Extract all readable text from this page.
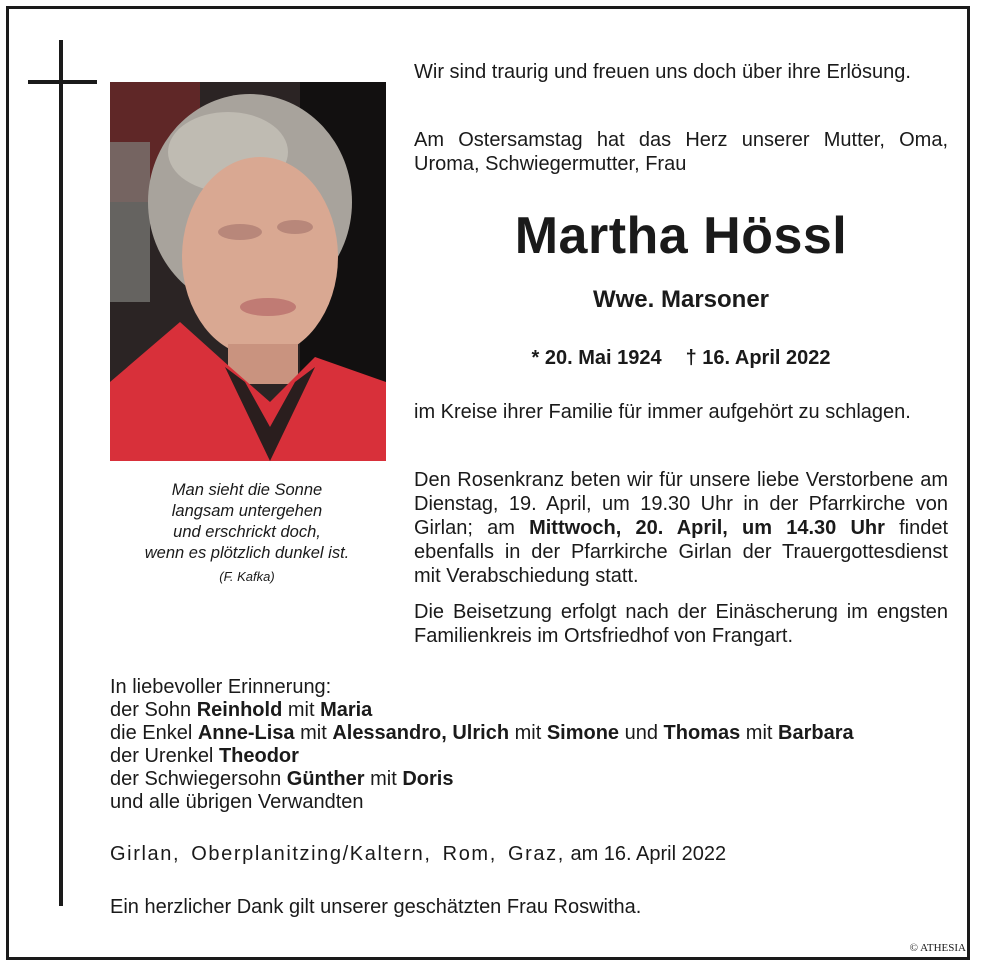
Man sieht die Sonne
langsam untergehen
und erschrickt doch,
wenn es plötzlich dunkel ist.
(F. Kafka)
Wir sind traurig und freuen uns doch über ihre Erlösung.
Am Ostersamstag hat das Herz unserer Mutter, Oma, Uroma, Schwiegermutter, Frau
Martha Hössl
Wwe. Marsoner
* 20. Mai 1924 † 16. April 2022
im Kreise ihrer Familie für immer aufgehört zu schlagen.
Den Rosenkranz beten wir für unsere liebe Verstorbene am Dienstag, 19. April, um 19.30 Uhr in der Pfarrkirche von Girlan; am Mittwoch, 20. April, um 14.30 Uhr findet ebenfalls in der Pfarrkirche Girlan der Trauergottesdienst mit Verabschiedung statt.
Die Beisetzung erfolgt nach der Einäscherung im engsten Familienkreis im Ortsfriedhof von Frangart.
In liebevoller Erinnerung:
der Sohn Reinhold mit Maria
die Enkel Anne-Lisa mit Alessandro, Ulrich mit Simone und Thomas mit Barbara
der Urenkel Theodor
der Schwiegersohn Günther mit Doris
und alle übrigen Verwandten
Girlan, Oberplanitzing/Kaltern, Rom, Graz, am 16. April 2022
Ein herzlicher Dank gilt unserer geschätzten Frau Roswitha.
© ATHESIA
